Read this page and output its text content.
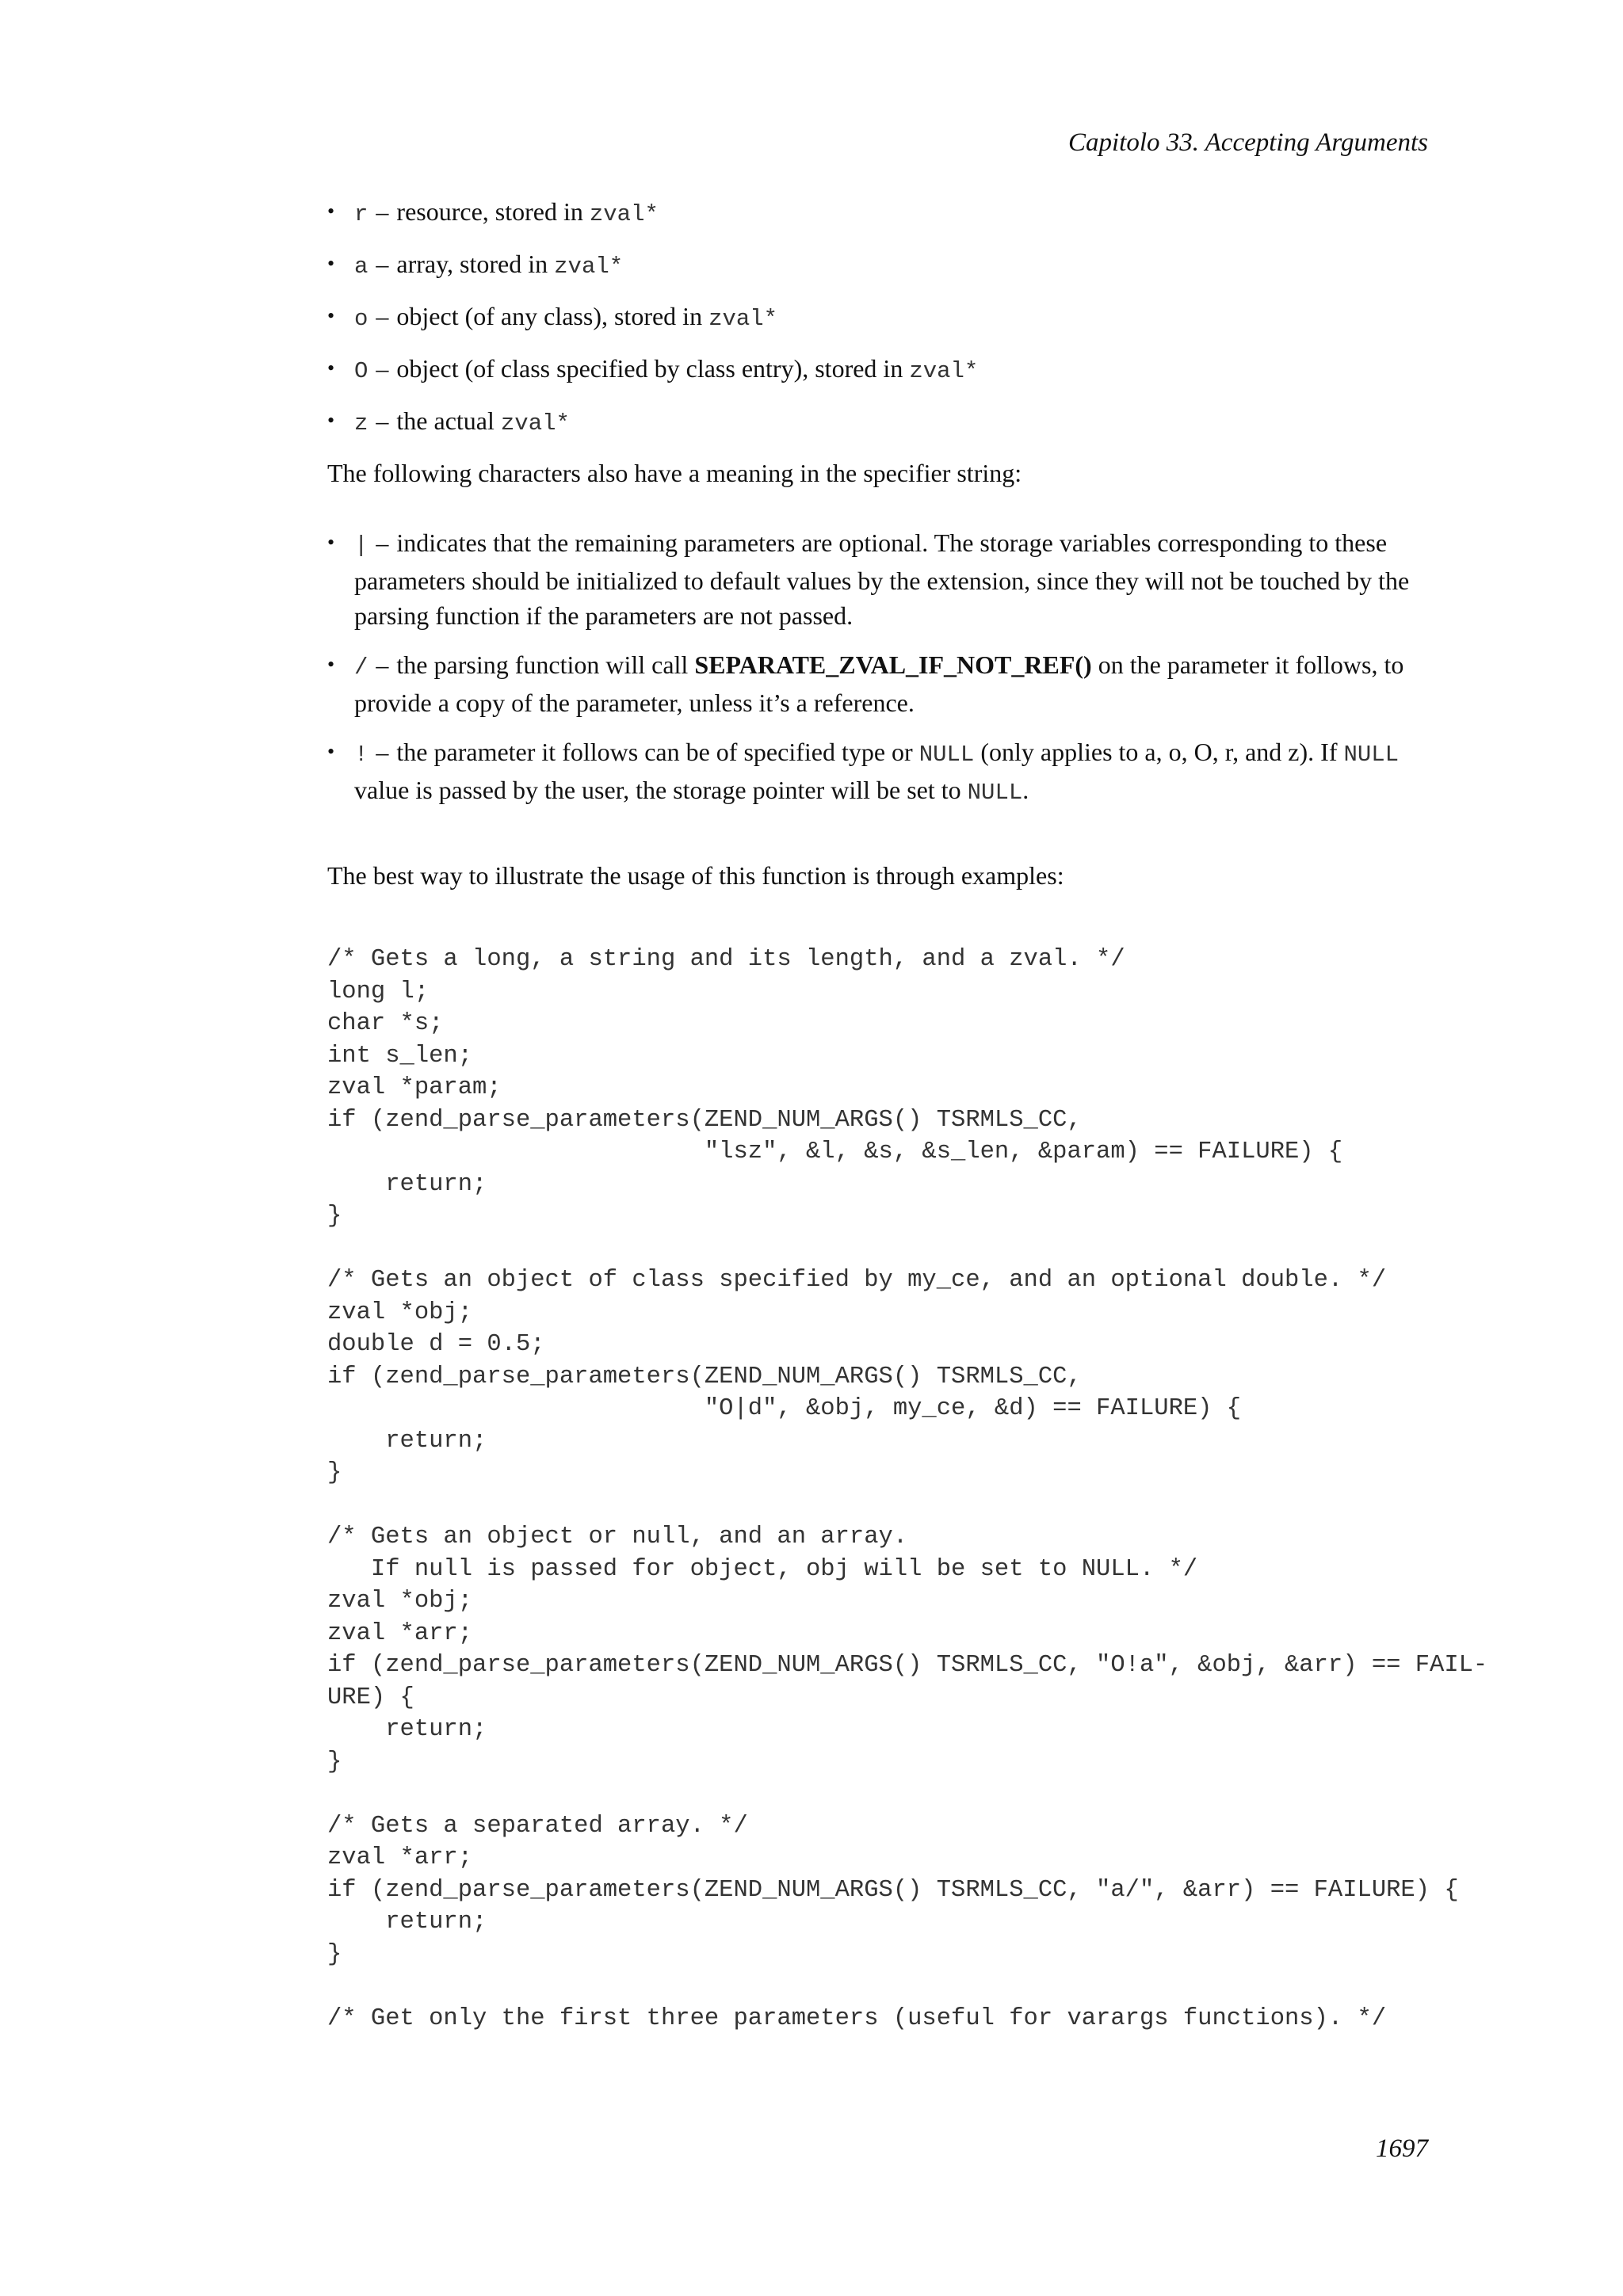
Capitolo 33. Accepting Arguments
• r – resource, stored in zval*
• a – array, stored in zval*
• o – object (of any class), stored in zval*
• O – object (of class specified by class entry), stored in zval*
• z – the actual zval*

The following characters also have a meaning in the specifier string:

• | – indicates that the remaining parameters are optional. The storage variables corresponding to these parameters should be initialized to default values by the extension, since they will not be touched by the parsing function if the parameters are not passed.
• / – the parsing function will call SEPARATE_ZVAL_IF_NOT_REF() on the parameter it follows, to provide a copy of the parameter, unless it’s a reference.
• ! – the parameter it follows can be of specified type or NULL (only applies to a, o, O, r, and z). If NULL value is passed by the user, the storage pointer will be set to NULL.

The best way to illustrate the usage of this function is through examples:

/* Gets a long, a string and its length, and a zval. */
long l;
char *s;
int s_len;
zval *param;
if (zend_parse_parameters(ZEND_NUM_ARGS() TSRMLS_CC,
"lsz", &l, &s, &s_len, &param) == FAILURE) {
return;
}

/* Gets an object of class specified by my_ce, and an optional double. */
zval *obj;
double d = 0.5;
if (zend_parse_parameters(ZEND_NUM_ARGS() TSRMLS_CC,
"O|d", &obj, my_ce, &d) == FAILURE) {
return;
}

/* Gets an object or null, and an array.
If null is passed for object, obj will be set to NULL. */
zval *obj;
zval *arr;
if (zend_parse_parameters(ZEND_NUM_ARGS() TSRMLS_CC, "O!a", &obj, &arr) == FAIL-
URE) {
return;
}

/* Gets a separated array. */
zval *arr;
if (zend_parse_parameters(ZEND_NUM_ARGS() TSRMLS_CC, "a/", &arr) == FAILURE) {
return;
}

/* Get only the first three parameters (useful for varargs functions). */
1697
